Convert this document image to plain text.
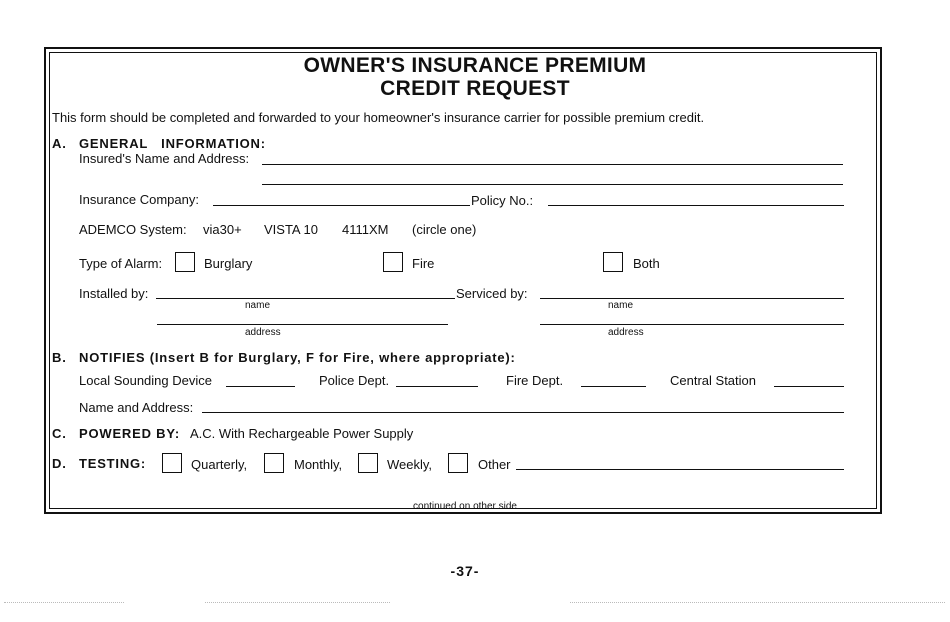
OWNER'S INSURANCE PREMIUM
CREDIT REQUEST
This form should be completed and forwarded to your homeowner's insurance carrier for possible premium credit.
A. GENERAL   INFORMATION:
Insured's Name and Address:
Insurance Company:	Policy No.:
ADEMCO System: via30+ VISTA 10 4111XM (circle one)
Type of Alarm:	Burglary	Fire	Both
Installed by:
name
address
Serviced by:
name
address
B. NOTIFIES (Insert B for Burglary, F for Fire, where appropriate):
Local Sounding Device	Police Dept.	Fire Dept.	Central Station
Name and Address:
C. POWERED BY: A.C. With Rechargeable Power Supply
D. TESTING:	Quarterly,	Monthly,	Weekly,	Other
continued on other side
-37-
